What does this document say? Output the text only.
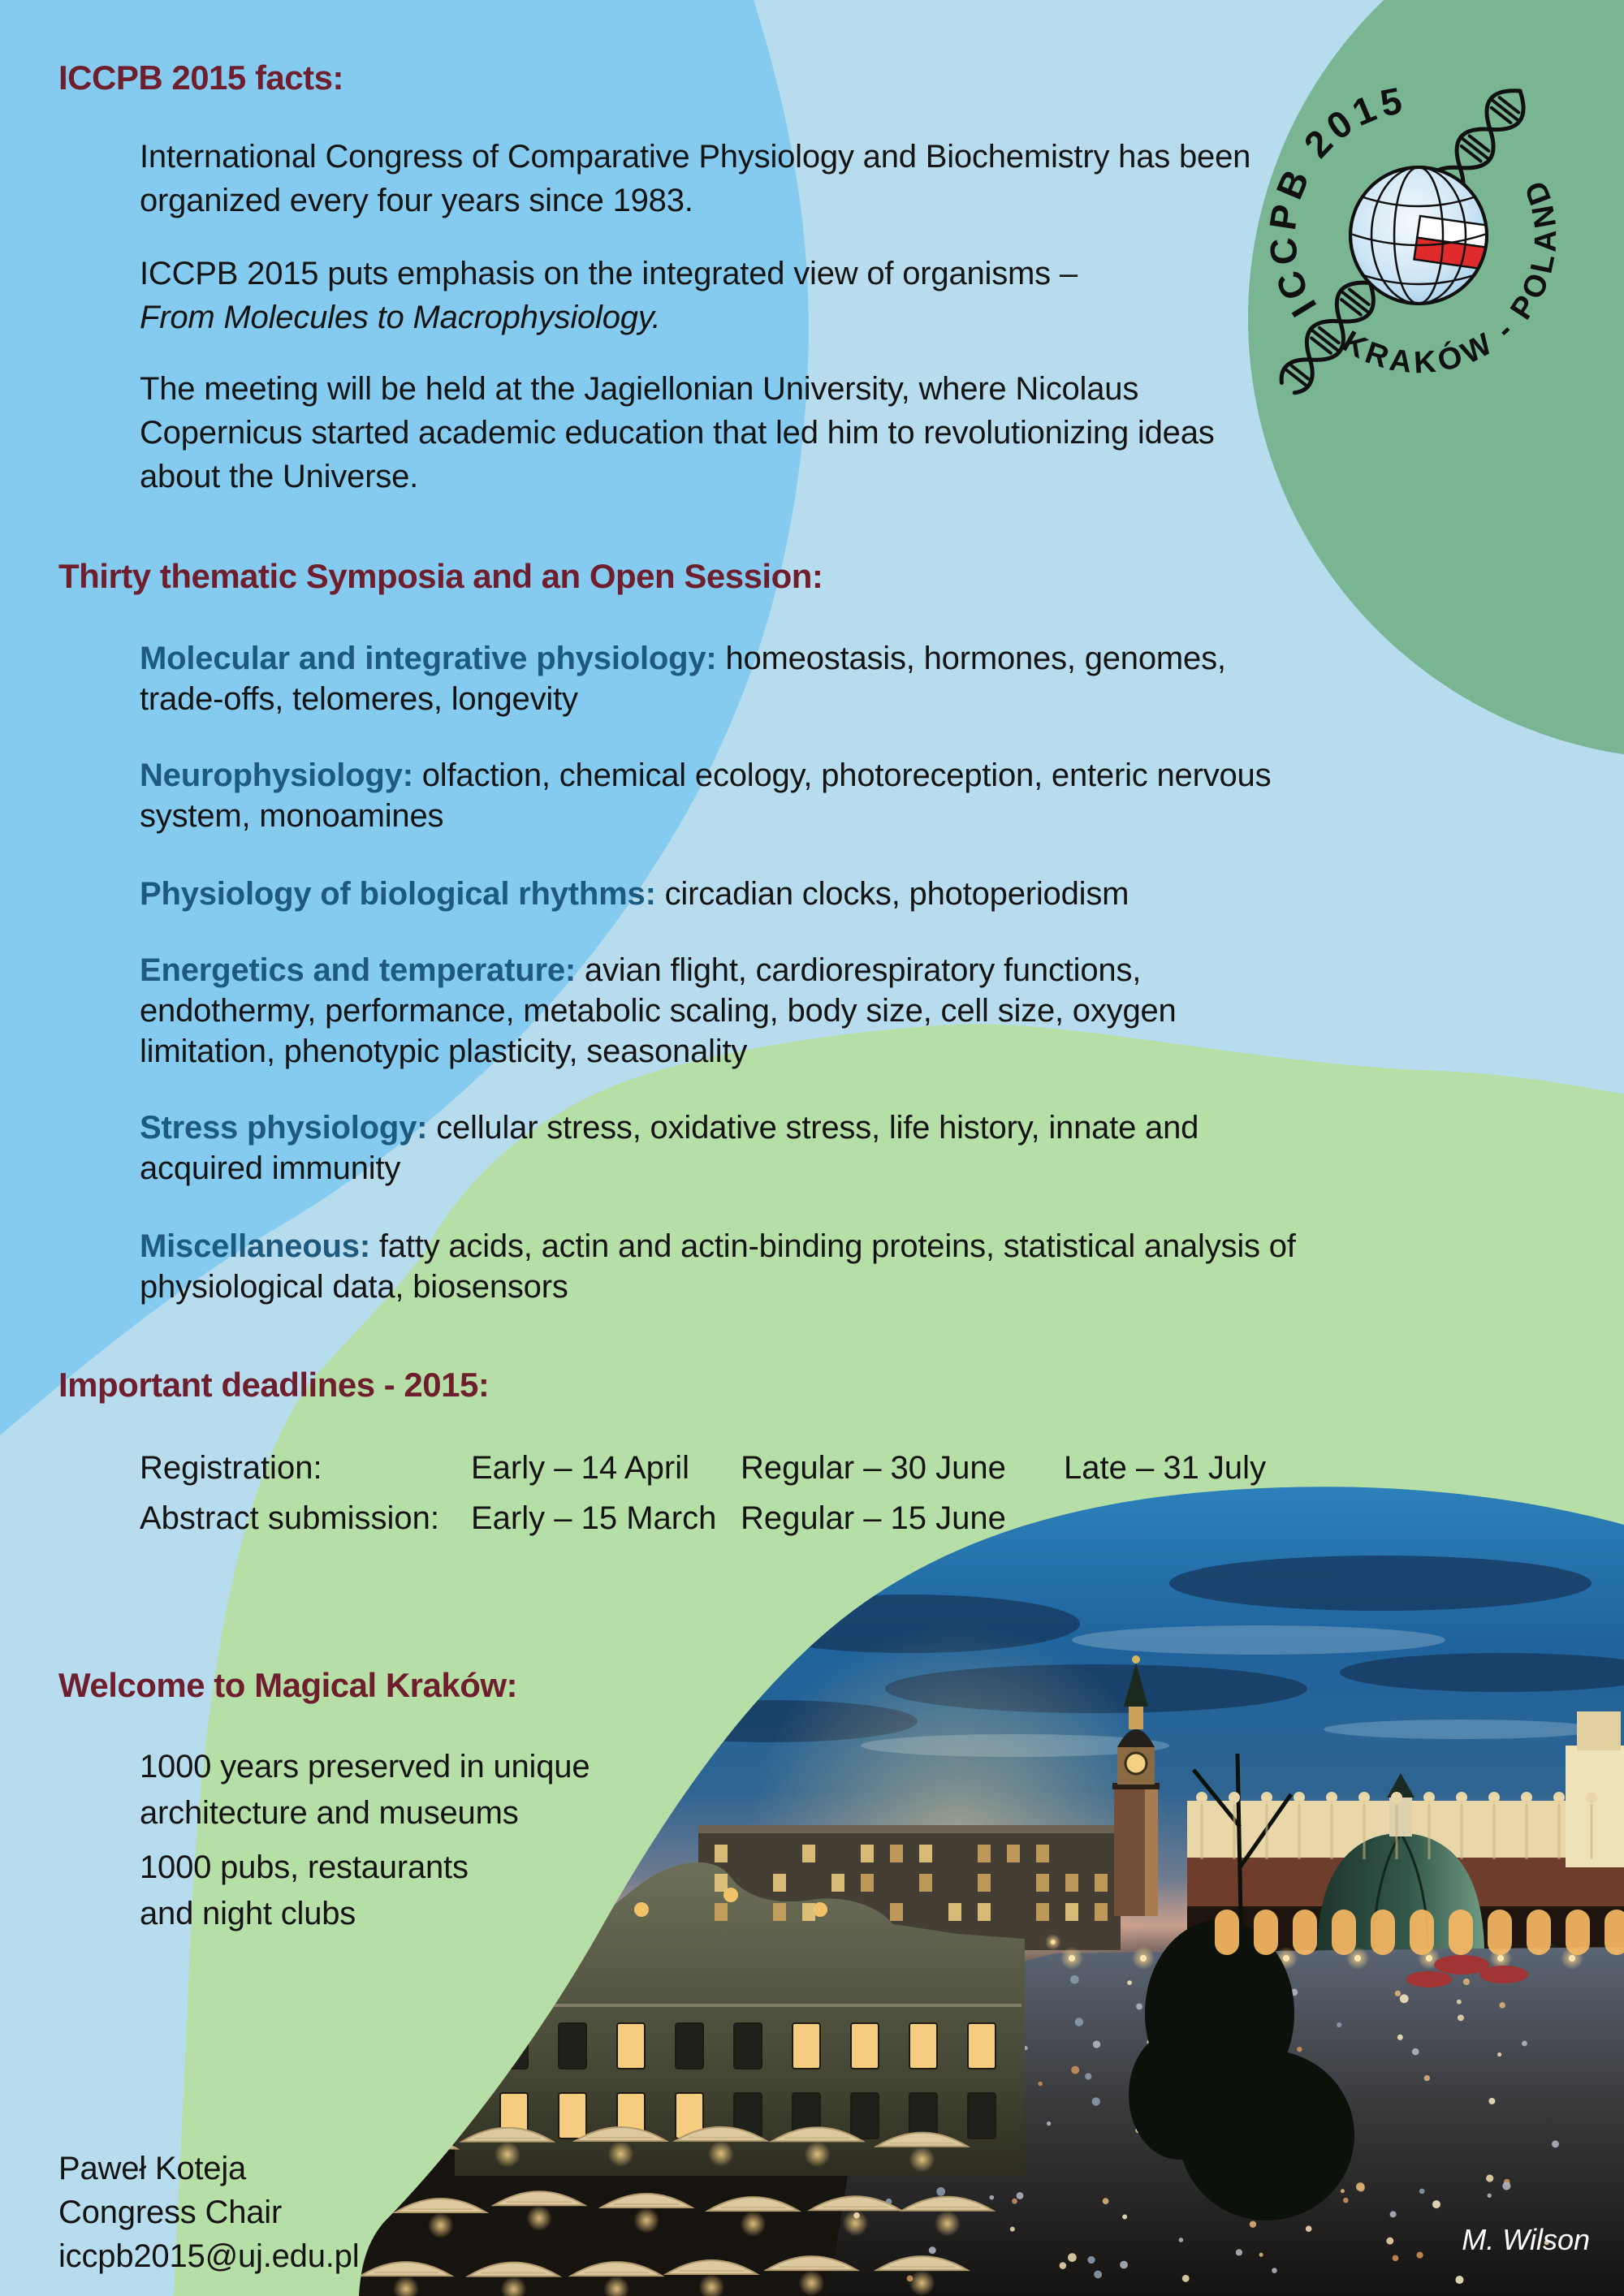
ICCPB 2015
KRAKÓW - POLAND
ICCPB 2015 facts:
International Congress of Comparative Physiology and Biochemistry has been
organized every four years since 1983.
ICCPB 2015 puts emphasis on the integrated view of organisms –
From Molecules to Macrophysiology.
The meeting will be held at the Jagiellonian University, where Nicolaus
Copernicus started academic education that led him to revolutionizing ideas
about the Universe.
Thirty thematic Symposia and an Open Session:
Molecular and integrative physiology: homeostasis, hormones, genomes, trade-offs, telomeres, longevity
Neurophysiology: olfaction, chemical ecology, photoreception, enteric nervous system, monoamines
Physiology of biological rhythms: circadian clocks, photoperiodism
Energetics and temperature: avian flight, cardiorespiratory functions, endothermy, performance, metabolic scaling, body size, cell size, oxygen limitation, phenotypic plasticity, seasonality
Stress physiology: cellular stress, oxidative stress, life history, innate and acquired immunity
Miscellaneous: fatty acids, actin and actin-binding proteins, statistical analysis of physiological data, biosensors
Important deadlines - 2015:
Registration:	Early – 14 April Regular – 30 June Late – 31 July
Abstract submission: Early – 15 March Regular – 15 June
Welcome to Magical Kraków:
1000 years preserved in unique
architecture and museums
1000 pubs, restaurants
and night clubs
Paweł Koteja
Congress Chair
iccpb2015@uj.edu.pl	M. Wilson
